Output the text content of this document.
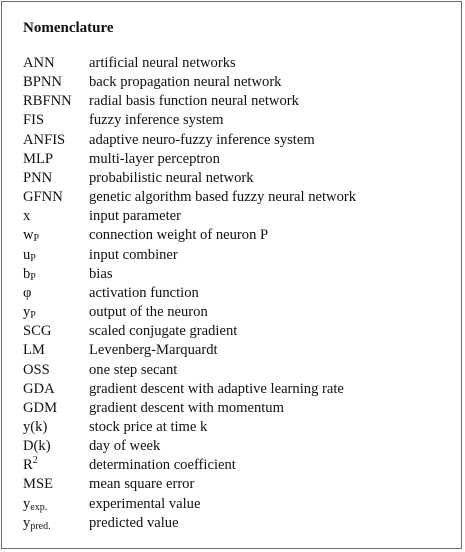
Nomenclature
ANN	artificial neural networks
BPNN	back propagation neural network
RBFNN	radial basis function neural network
FIS	fuzzy inference system
ANFIS	adaptive neuro-fuzzy inference system
MLP	multi-layer perceptron
PNN	probabilistic neural network
GFNN	genetic algorithm based fuzzy neural network
x	input parameter
$w_P$	connection weight of neuron P
$u_P$	input combiner
$b_P$	bias
φ	activation function
$y_P$	output of the neuron
SCG	scaled conjugate gradient
LM	Levenberg-Marquardt
OSS	one step secant
GDA	gradient descent with adaptive learning rate
GDM	gradient descent with momentum
y(k)	stock price at time k
D(k)	day of week
$R^2$	determination coefficient
MSE	mean square error
$y_{exp.}$	experimental value
$y_{pred.}$	predicted value
